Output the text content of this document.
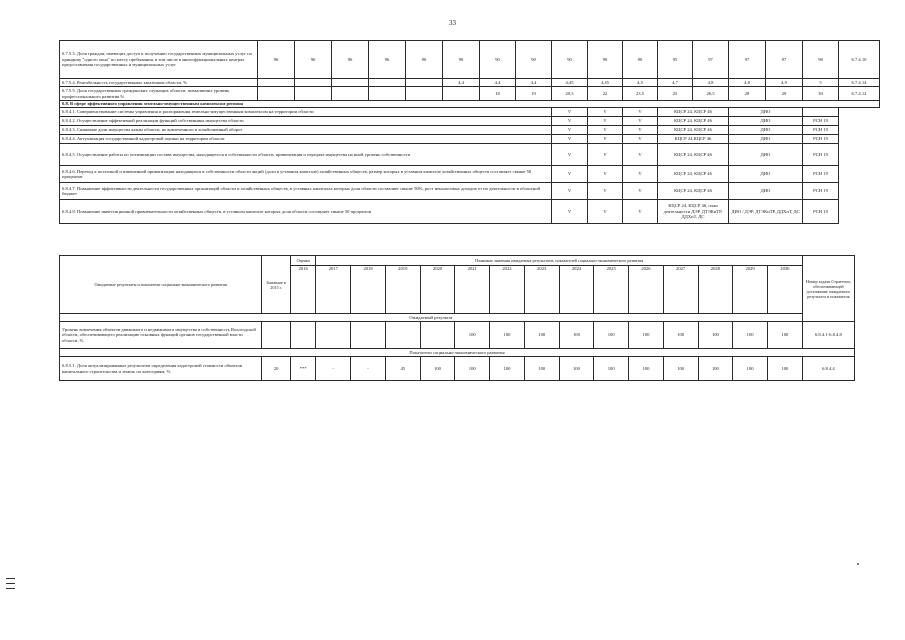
33
6.7.5.3. Доля граждан, имеющих доступ к получению государственных муниципальных услуг по принципу "одного окна" по месту пребывания, в том числе в многофункциональных центрах предоставления государственных и муниципальных услуг	96	96	96	96	96	90	90	90	90	90	90	95	97	97	97	98	6.7.4.10
6.7.5.4. Рентабельность государственных заказчиков области, %						4,4	4,4	4,4	4,45	4,45	4,5	4,7	4,8	4,8	4,9	5	6.7.4.14
6.7.5.5. Доля государственных гражданских служащих области, повысивших уровень профессионального развития %							18	19	20,5	22	23,5	25	26,5	28	29	30	6.7.4.12
6.8. В сфере эффективного управления земельно-имущественным комплексом региона																	
6.8.4.1. Совершенствование системы управления и распоряжения земельно-имущественным комплексом на территории области									V	V	V	КЦСР 24, КЦСР 46		ДИО			
6.8.4.2. Осуществление эффективной реализации функций собственника имущества области									V	V	V	КЦСР 24, КЦСР 46		ДИО		РСН 19	
6.8.4.3. Снижение доли имущества казны области, не вовлеченного в хозяйственный оборот									V	V	V	КЦСР 24, КЦСР 46		ДИО		РСН 19	
6.8.4.4. Актуализация государственной кадастровой оценки на территории области									V	V	V	КЦСР 24,КЦСР 46		ДИО		РСН 19	
6.8.4.5. Осуществление работы по оптимизации состава имущества, находящегося в собственности области, приватизация и передача имущества на иной уровень собственности									V	V	V	КЦСР 24, КЦСР 46		ДИО		РСН 19	
6.8.4.6. Переход к поэтапной и взвешенной приватизации находящихся в собственности области акций (доли в уставном капитале) хозяйственных обществ, размер которых в уставном капитале хозяйственных обществ составляет свыше 50 процентов									V	V	V	КЦСР 24, КЦСР 46		ДИО		РСН 19	
6.8.4.7. Повышение эффективности деятельности государственных организаций области и хозяйственных обществ, в уставных капиталах которых доля области составляет свыше 50%, рост неналоговых доходов от их деятельности в областной бюджет									V	V	V	КЦСР 24, КЦСР 46		ДИО		РСН 19	
6.8.4.8. Повышение инвестиционной привлекательности хозяйственных обществ, в уставном капитале которых доля области составляет свыше 50 процентов									V	V	V	КЦСР 24, КЦСР 46, план деятельности ДЭР, ДТЭКиТР, ДДХиТ, ДС		ДИО / ДЭР, ДТЭКиТР, ДДХиТ, ДС		РСН 19	
Ожидаемые результаты и показатели социально-экономического развития	Значение в 2015 г.	Оценка	Плановые значения ожидаемых результатов, показателей социально-экономического развития														Номер задачи Стратегии, обеспечивающей достижение ожидаемого результата и показателя
		2016	2017	2018	2019	2020	2021	2022	2023	2024	2025	2026	2027	2028	2029	2030	
Ожидаемый результат																	
Уровень вовлечения объектов движимого и недвижимого имущества в собственность Вологодской области, обеспечивающего реализацию основных функций органов государственной власти области, %							100	100	100	100	100	100	100	100	100	100	6.8.4.1-6.8.4.8
Показатели социально-экономического развития																	
6.8.5.1. Доля актуализированных результатов определения кадастровой стоимости объектов капитального строительства и земель по категориям, %	20	***	-	-	45	100	100	100	100	100	100	100	100	100	100	100	6.8.4.4
